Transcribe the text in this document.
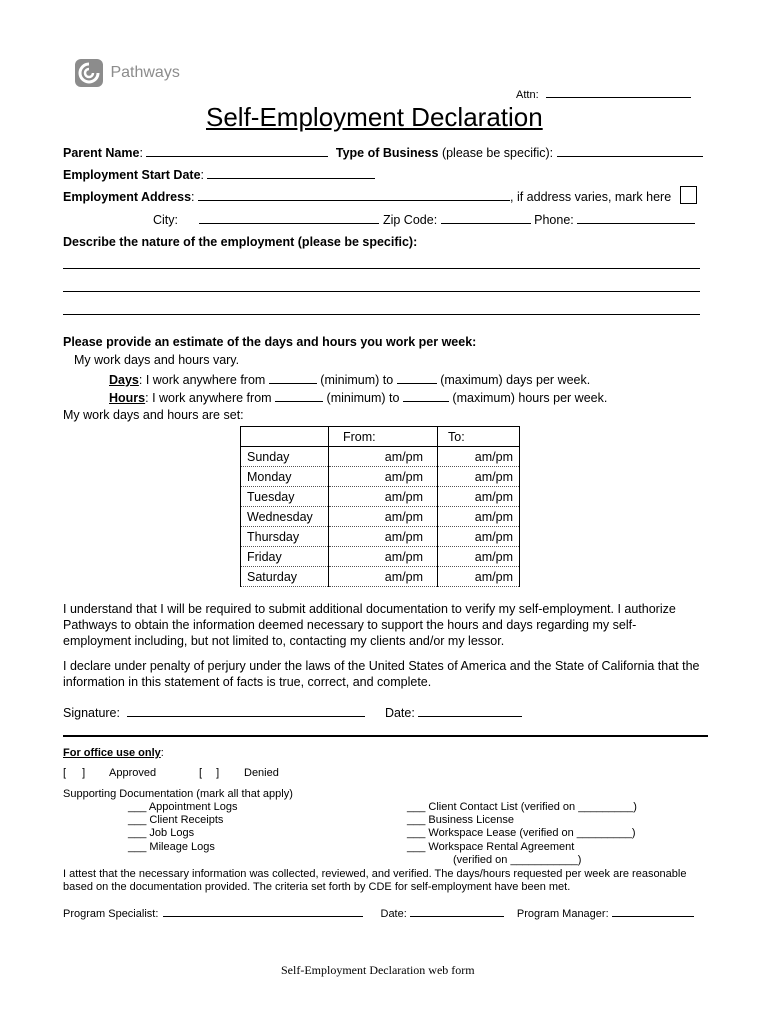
Pathways
Attn:
Self-Employment Declaration
Parent Name:	Type of Business (please be specific):
Employment Start Date:
Employment Address:	, if address varies, mark here
City:	Zip Code:	Phone:
Describe the nature of the employment (please be specific):
Please provide an estimate of the days and hours you work per week:
My work days and hours vary.
Days: I work anywhere from	(minimum) to	(maximum) days per week.
Hours: I work anywhere from	(minimum) to	(maximum) hours per week.
My work days and hours are set:
	From:	To:
Sunday	am/pm	am/pm
Monday	am/pm	am/pm
Tuesday	am/pm	am/pm
Wednesday	am/pm	am/pm
Thursday	am/pm	am/pm
Friday	am/pm	am/pm
Saturday	am/pm	am/pm
I understand that I will be required to submit additional documentation to verify my self-employment. I authorize
Pathways to obtain the information deemed necessary to support the hours and days regarding my self-
employment including, but not limited to, contacting my clients and/or my lessor.
I declare under penalty of perjury under the laws of the United States of America and the State of California that the
information in this statement of facts is true, correct, and complete.
Signature:	Date:
For office use only:
[ ] Approved	[ ] Denied
Supporting Documentation (mark all that apply)
___ Appointment Logs
___ Client Receipts
___ Job Logs
___ Mileage Logs
___ Client Contact List (verified on _________)
___ Business License
___ Workspace Lease (verified on _________)
___ Workspace Rental Agreement
(verified on ___________)
I attest that the necessary information was collected, reviewed, and verified. The days/hours requested per week are reasonable
based on the documentation provided. The criteria set forth by CDE for self-employment have been met.
Program Specialist:	Date:	Program Manager:
Self-Employment Declaration web form
